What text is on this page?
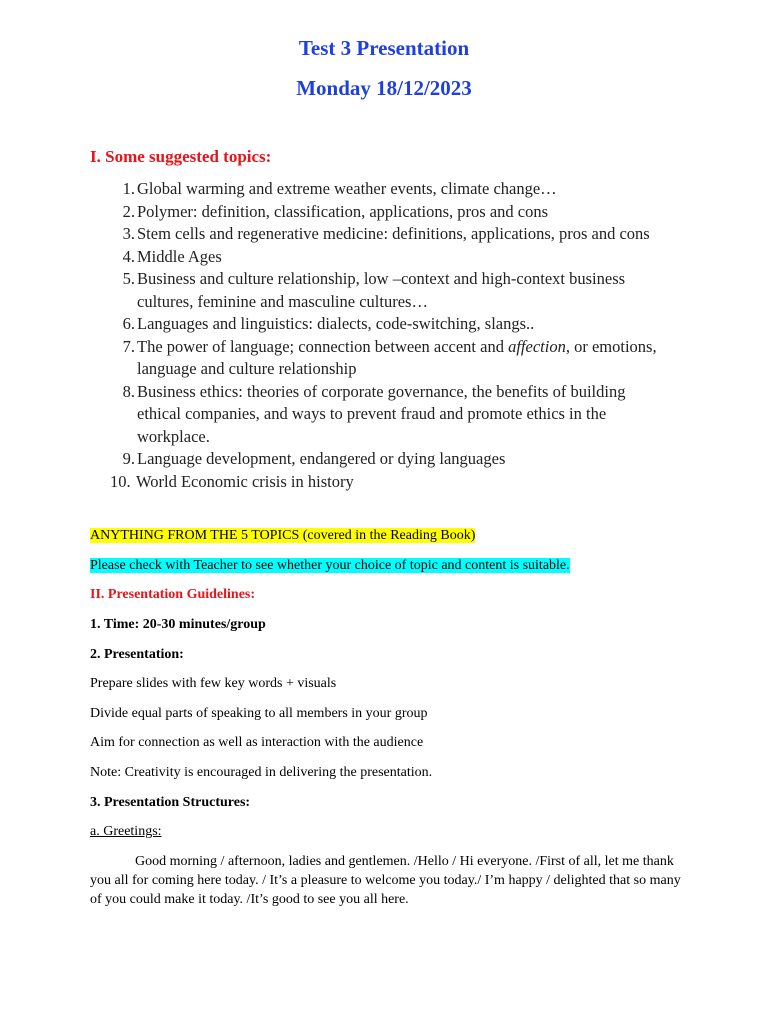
Test 3 Presentation
Monday 18/12/2023
I. Some suggested topics:
1. Global warming and extreme weather events, climate change…
2. Polymer: definition, classification, applications, pros and cons
3. Stem cells and regenerative medicine: definitions, applications, pros and cons
4. Middle Ages
5. Business and culture relationship, low –context and high-context business cultures, feminine and masculine cultures…
6. Languages and linguistics: dialects, code-switching, slangs..
7. The power of language; connection between accent and affection, or emotions, language and culture relationship
8. Business ethics: theories of corporate governance, the benefits of building ethical companies, and ways to prevent fraud and promote ethics in the workplace.
9. Language development, endangered or dying languages
10. World Economic crisis in history
ANYTHING FROM THE 5 TOPICS (covered in the Reading Book)
Please check with Teacher to see whether your choice of topic and content is suitable.
II. Presentation Guidelines:
1. Time: 20-30 minutes/group
2. Presentation:
Prepare slides with few key words + visuals
Divide equal parts of speaking to all members in your group
Aim for connection as well as interaction with the audience
Note: Creativity is encouraged in delivering the presentation.
3. Presentation Structures:
a. Greetings:
Good morning / afternoon, ladies and gentlemen. /Hello / Hi everyone. /First of all, let me thank you all for coming here today. / It’s a pleasure to welcome you today./ I’m happy / delighted that so many of you could make it today. /It’s good to see you all here.
